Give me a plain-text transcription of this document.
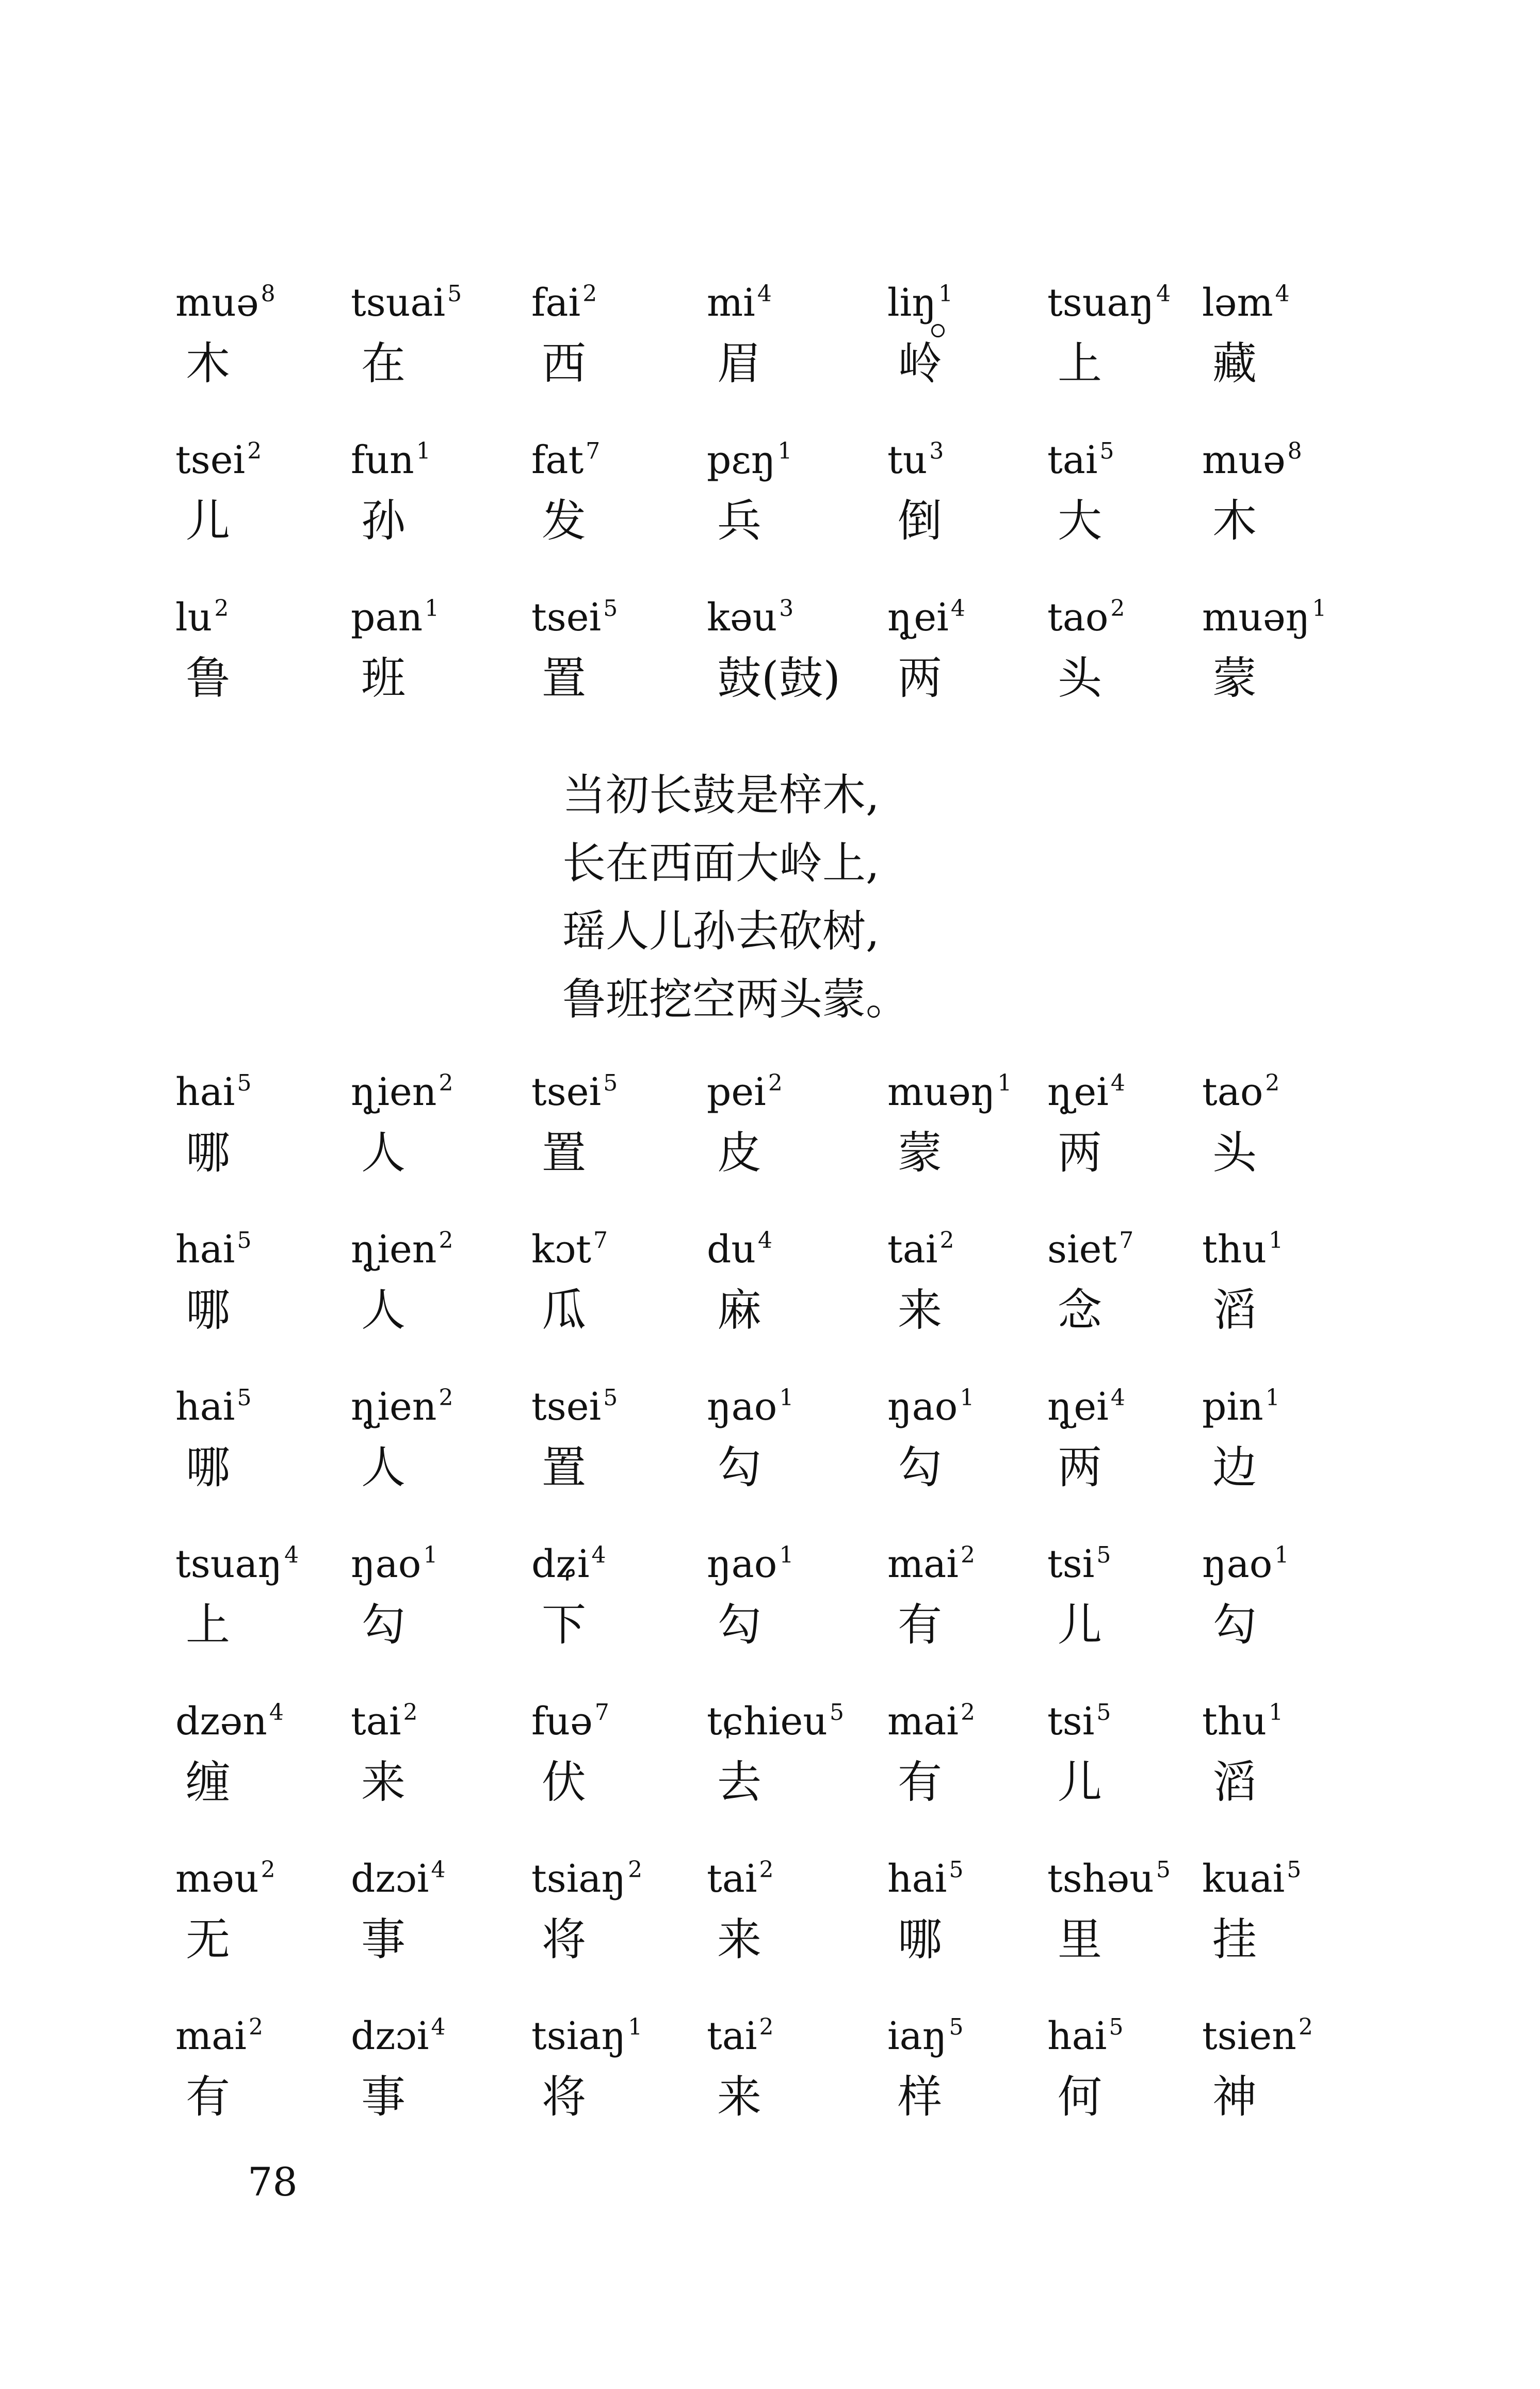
muə$^8$
木
tsuai$^5$
在
fai$^2$
西
$mi^4$
眉
liŋ$^1$
岭
tsuaŋ$^4$
上
ləm$^4$
藏
tsei$^2$
儿
fun$^1$
孙
fat$^7$
发
pɛŋ$^1$
兵
$tu^3$
倒
tai$^5$
大
muə$^8$
木
$lu^2$
鲁
pan$^1$
班
tsei$^5$
置
kəu$^3$
鼓(鼓)
$ɳ̥ei^4$
两
tao$^2$
头
muəŋ$^1$
蒙
当初长鼓是梓木,
长在西面大岭上,
瑶人儿孙去砍树,
鲁班挖空两头蒙。
hai$^5$
哪
ɳ̥ien$^2$
人
tsei$^5$
置
pei$^2$
皮
muəŋ$^1$
蒙
$ɳ̥ei^4$
两
tao$^2$
头
hai$^5$
哪
ɳ̥ien$^2$
人
kɔt$^7$
瓜
$du^4$
麻
tai$^2$
来
siet$^7$
念
thu$^1$
滔
hai$^5$
哪
ɳ̥ien$^2$
人
tsei$^5$
置
ŋao$^1$
勾
ŋao$^1$
勾
$ɳ̥ei^4$
两
pin$^1$
边
tsuaŋ$^4$
上
ŋao$^1$
勾
dʑi$^4$
下
ŋao$^1$
勾
mai$^2$
有
tsi$^5$
儿
ŋao$^1$
勾
dzən$^4$
缠
tai$^2$
来
fuə$^7$
伏
tɕhieu$^5$
去
mai$^2$
有
tsi$^5$
儿
thu$^1$
滔
məu$^2$
无
dzɔi$^4$
事
tsiaŋ$^2$
将
tai$^2$
来
hai$^5$
哪
tshəu$^5$
里
kuai$^5$
挂
mai$^2$
有
dzɔi$^4$
事
tsiaŋ$^1$
将
tai$^2$
来
iaŋ$^5$
样
hai$^5$
何
tsien$^2$
神
78
